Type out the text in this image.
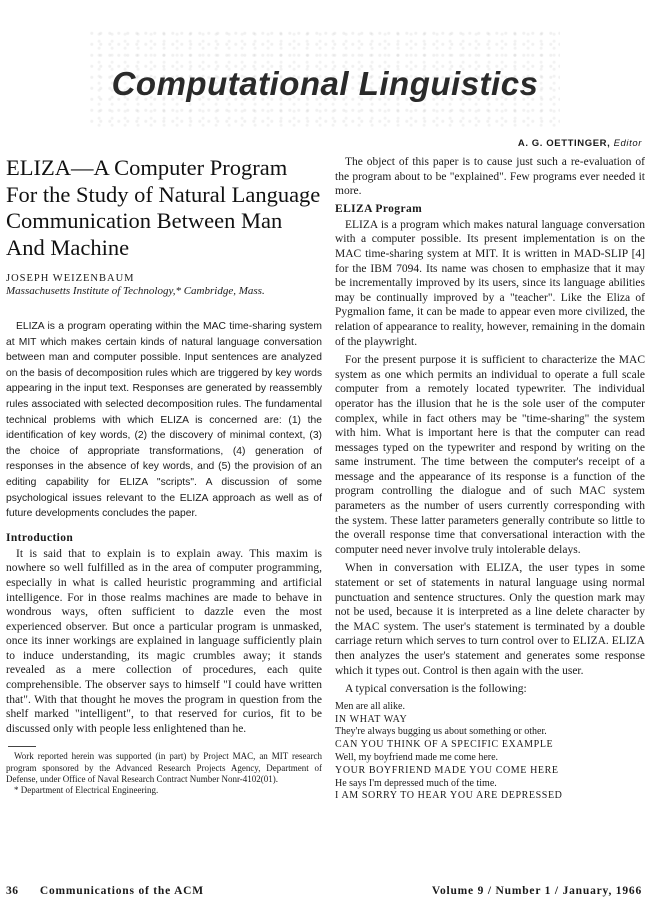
Computational Linguistics
A. G. OETTINGER, Editor
ELIZA—A Computer Program For the Study of Natural Language Communication Between Man And Machine

JOSEPH WEIZENBAUM

Massachusetts Institute of Technology,* Cambridge, Mass.

ELIZA is a program operating within the MAC time-sharing system at MIT which makes certain kinds of natural language conversation between man and computer possible. Input sentences are analyzed on the basis of decomposition rules which are triggered by key words appearing in the input text. Responses are generated by reassembly rules associated with selected decomposition rules. The fundamental technical problems with which ELIZA is concerned are: (1) the identification of key words, (2) the discovery of minimal context, (3) the choice of appropriate transformations, (4) generation of responses in the absence of key words, and (5) the provision of an editing capability for ELIZA "scripts". A discussion of some psychological issues relevant to the ELIZA approach as well as of future developments concludes the paper.

Introduction

It is said that to explain is to explain away. This maxim is nowhere so well fulfilled as in the area of computer programming, especially in what is called heuristic programming and artificial intelligence. For in those realms machines are made to behave in wondrous ways, often sufficient to dazzle even the most experienced observer. But once a particular program is unmasked, once its inner workings are explained in language sufficiently plain to induce understanding, its magic crumbles away; it stands revealed as a mere collection of procedures, each quite comprehensible. The observer says to himself "I could have written that". With that thought he moves the program in question from the shelf marked "intelligent", to that reserved for curios, fit to be discussed only with people less enlightened than he.

Work reported herein was supported (in part) by Project MAC, an MIT research program sponsored by the Advanced Research Projects Agency, Department of Defense, under Office of Naval Research Contract Number Nonr-4102(01).

* Department of Electrical Engineering.

The object of this paper is to cause just such a re-evaluation of the program about to be "explained". Few programs ever needed it more.

ELIZA Program

ELIZA is a program which makes natural language conversation with a computer possible. Its present implementation is on the MAC time-sharing system at MIT. It is written in MAD-SLIP [4] for the IBM 7094. Its name was chosen to emphasize that it may be incrementally improved by its users, since its language abilities may be continually improved by a "teacher". Like the Eliza of Pygmalion fame, it can be made to appear even more civilized, the relation of appearance to reality, however, remaining in the domain of the playwright.

For the present purpose it is sufficient to characterize the MAC system as one which permits an individual to operate a full scale computer from a remotely located typewriter. The individual operator has the illusion that he is the sole user of the computer complex, while in fact others may be "time-sharing" the system with him. What is important here is that the computer can read messages typed on the typewriter and respond by writing on the same instrument. The time between the computer's receipt of a message and the appearance of its response is a function of the program controlling the dialogue and of such MAC system parameters as the number of users currently corresponding with the system. These latter parameters generally contribute so little to the overall response time that conversational interaction with the computer need never involve truly intolerable delays.

When in conversation with ELIZA, the user types in some statement or set of statements in natural language using normal punctuation and sentence structures. Only the question mark may not be used, because it is interpreted as a line delete character by the MAC system. The user's statement is terminated by a double carriage return which serves to turn control over to ELIZA. ELIZA then analyzes the user's statement and generates some response which it types out. Control is then again with the user.

A typical conversation is the following:

Men are all alike.

IN WHAT WAY

They're always bugging us about something or other.

CAN YOU THINK OF A SPECIFIC EXAMPLE

Well, my boyfriend made me come here.

YOUR BOYFRIEND MADE YOU COME HERE

He says I'm depressed much of the time.

I AM SORRY TO HEAR YOU ARE DEPRESSED

36 Communications of the ACM	Volume 9 / Number 1 / January, 1966
